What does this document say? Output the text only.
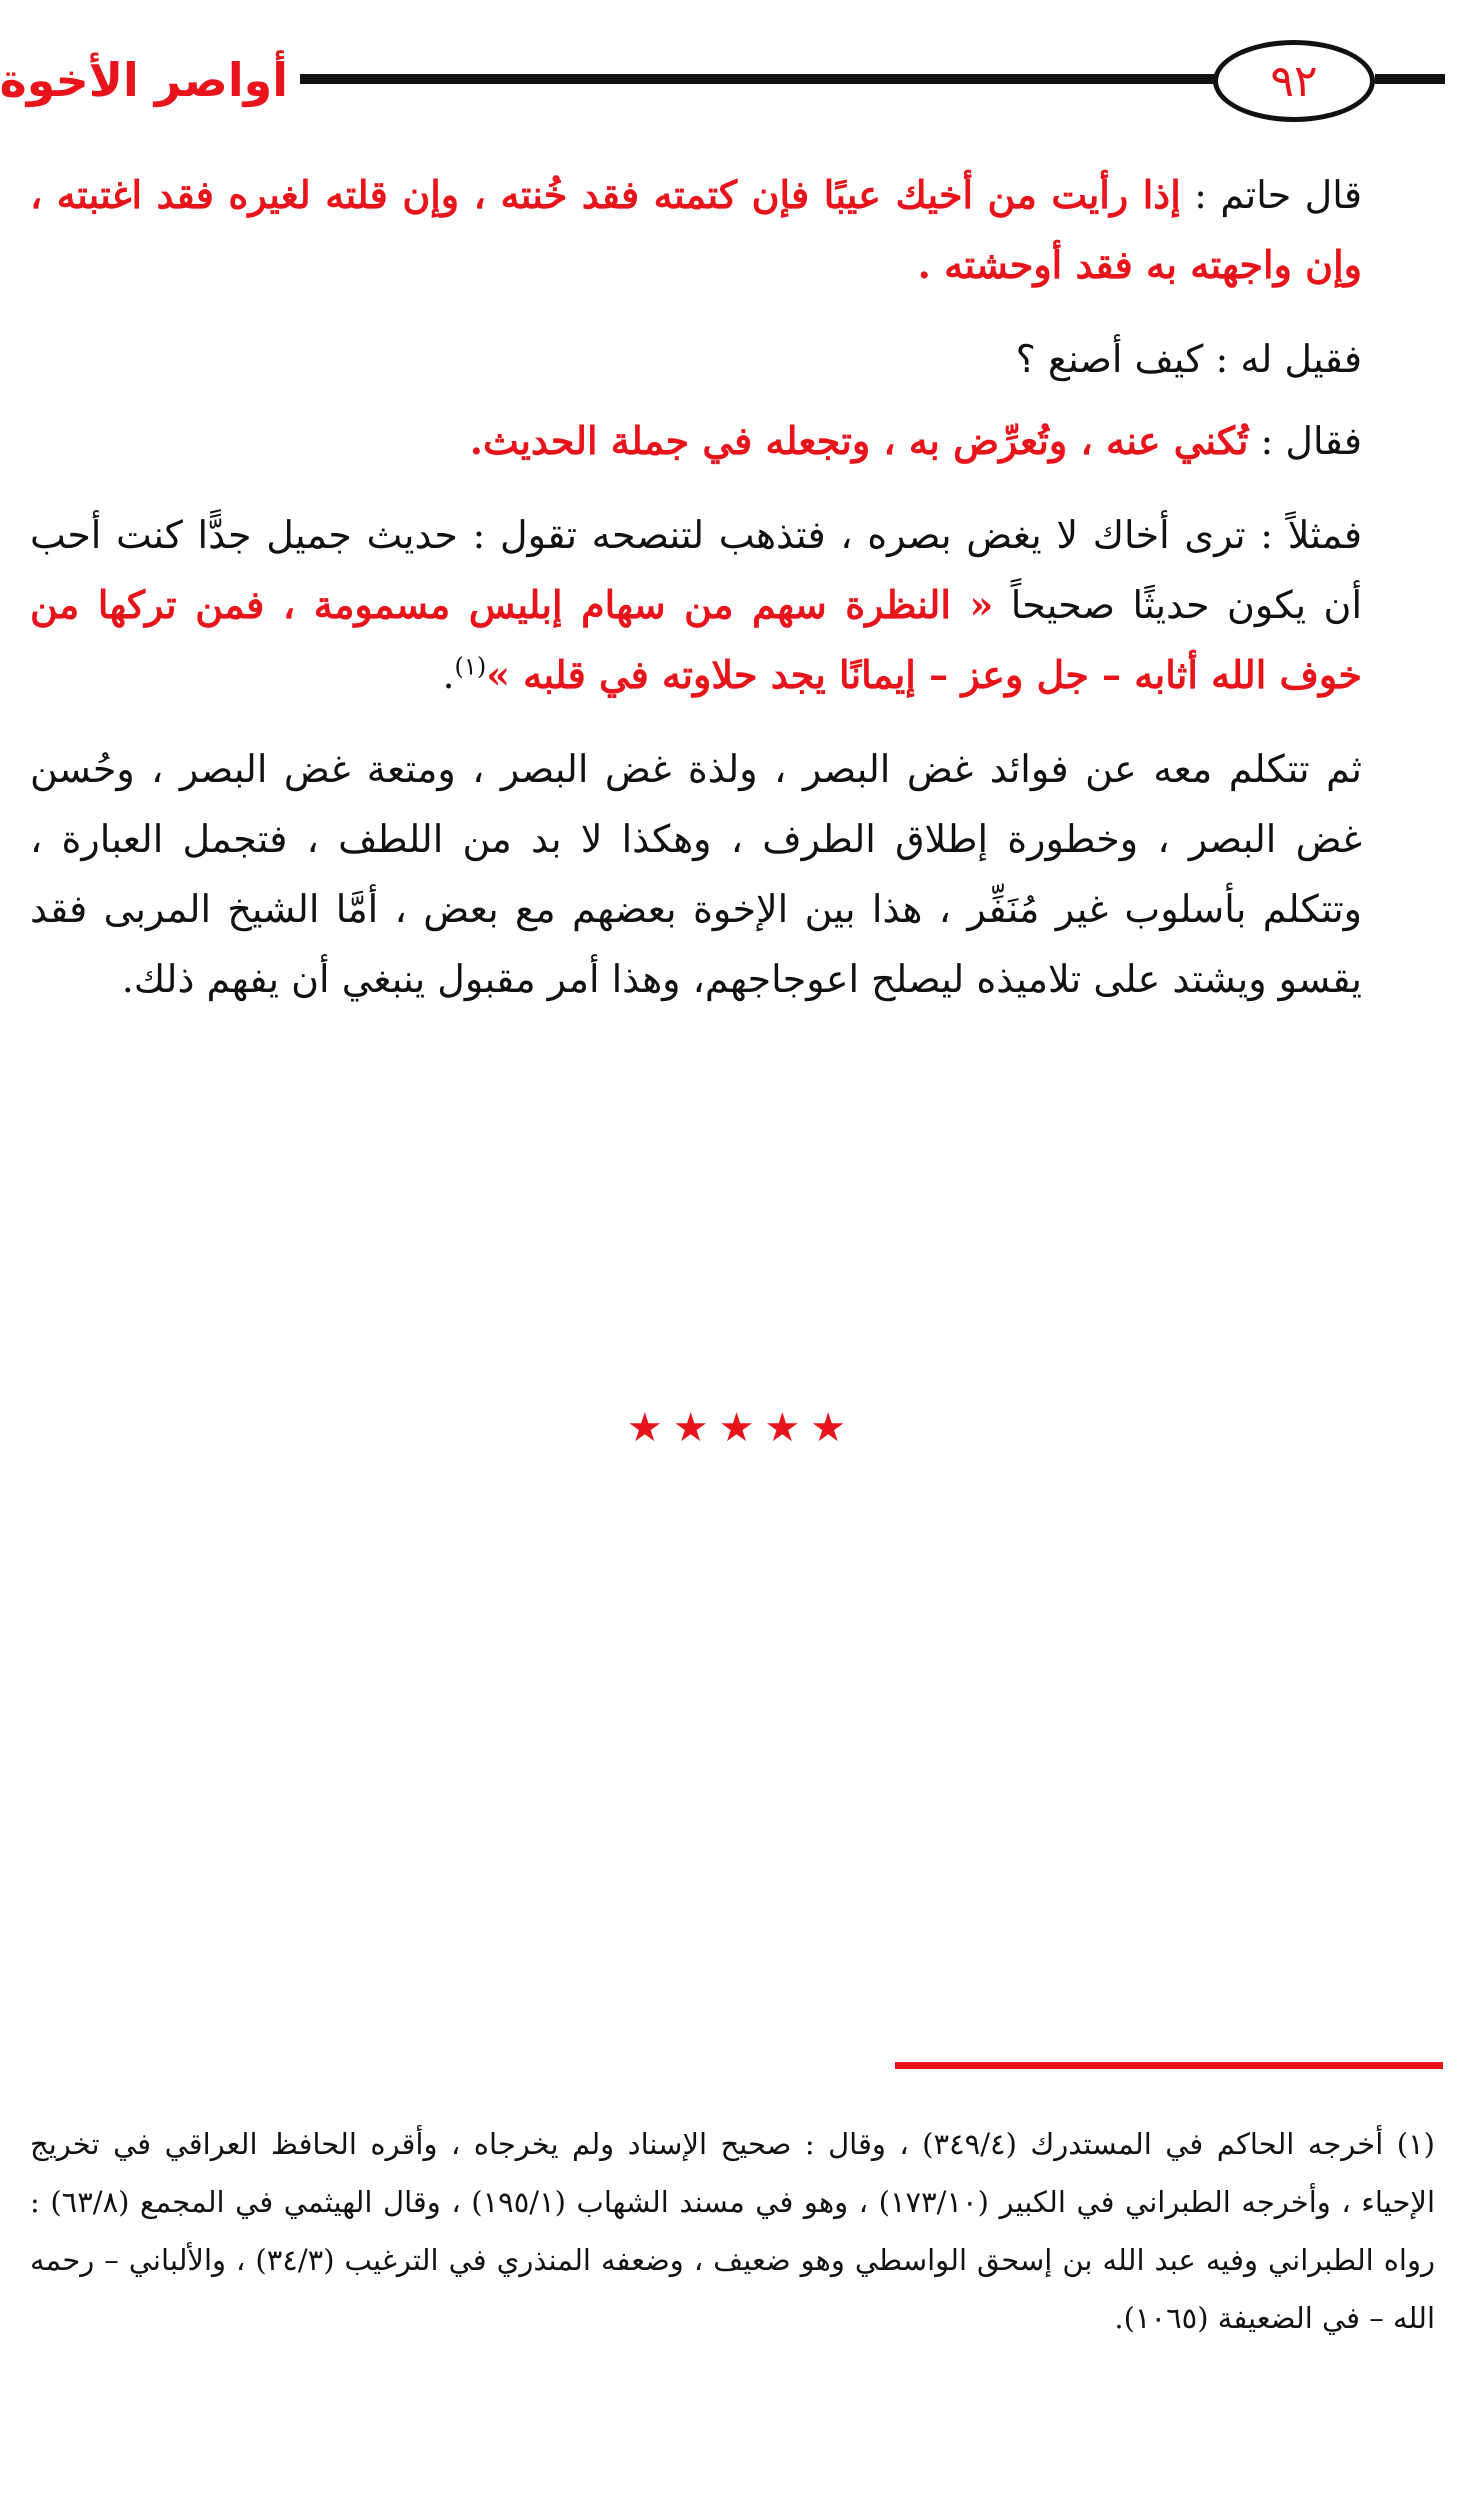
أواصر الأخوة	٩٢

قال حاتم : إذا رأيت من أخيك عيبًا فإن كتمته فقد خُنته ، وإن قلته لغيره فقد اغتبته ، وإن واجهته به فقد أوحشته .

فقيل له : كيف أصنع ؟

فقال : تُكني عنه ، وتُعرِّض به ، وتجعله في جملة الحديث.

فمثلاً : ترى أخاك لا يغض بصره ، فتذهب لتنصحه تقول : حديث جميل جدًّا كنت أحب أن يكون حديثًا صحيحاً « النظرة سهم من سهام إبليس مسمومة ، فمن تركها من خوف الله أثابه – جل وعز – إيمانًا يجد حلاوته في قلبه »$^{(١)}$.

ثم تتكلم معه عن فوائد غض البصر ، ولذة غض البصر ، ومتعة غض البصر ، وحُسن غض البصر ، وخطورة إطلاق الطرف ، وهكذا لا بد من اللطف ، فتجمل العبارة ، وتتكلم بأسلوب غير مُنَفِّر ، هذا بين الإخوة بعضهم مع بعض ، أمَّا الشيخ المربى فقد يقسو ويشتد على تلاميذه ليصلح اعوجاجهم، وهذا أمر مقبول ينبغي أن يفهم ذلك.

★★★★★

(١) أخرجه الحاكم في المستدرك (٣٤٩/٤) ، وقال : صحيح الإسناد ولم يخرجاه ، وأقره الحافظ العراقي في تخريج الإحياء ، وأخرجه الطبراني في الكبير (١٧٣/١٠) ، وهو في مسند الشهاب (١٩٥/١) ، وقال الهيثمي في المجمع (٦٣/٨) : رواه الطبراني وفيه عبد الله بن إسحق الواسطي وهو ضعيف ، وضعفه المنذري في الترغيب (٣٤/٣) ، والألباني – رحمه الله – في الضعيفة (١٠٦٥).
